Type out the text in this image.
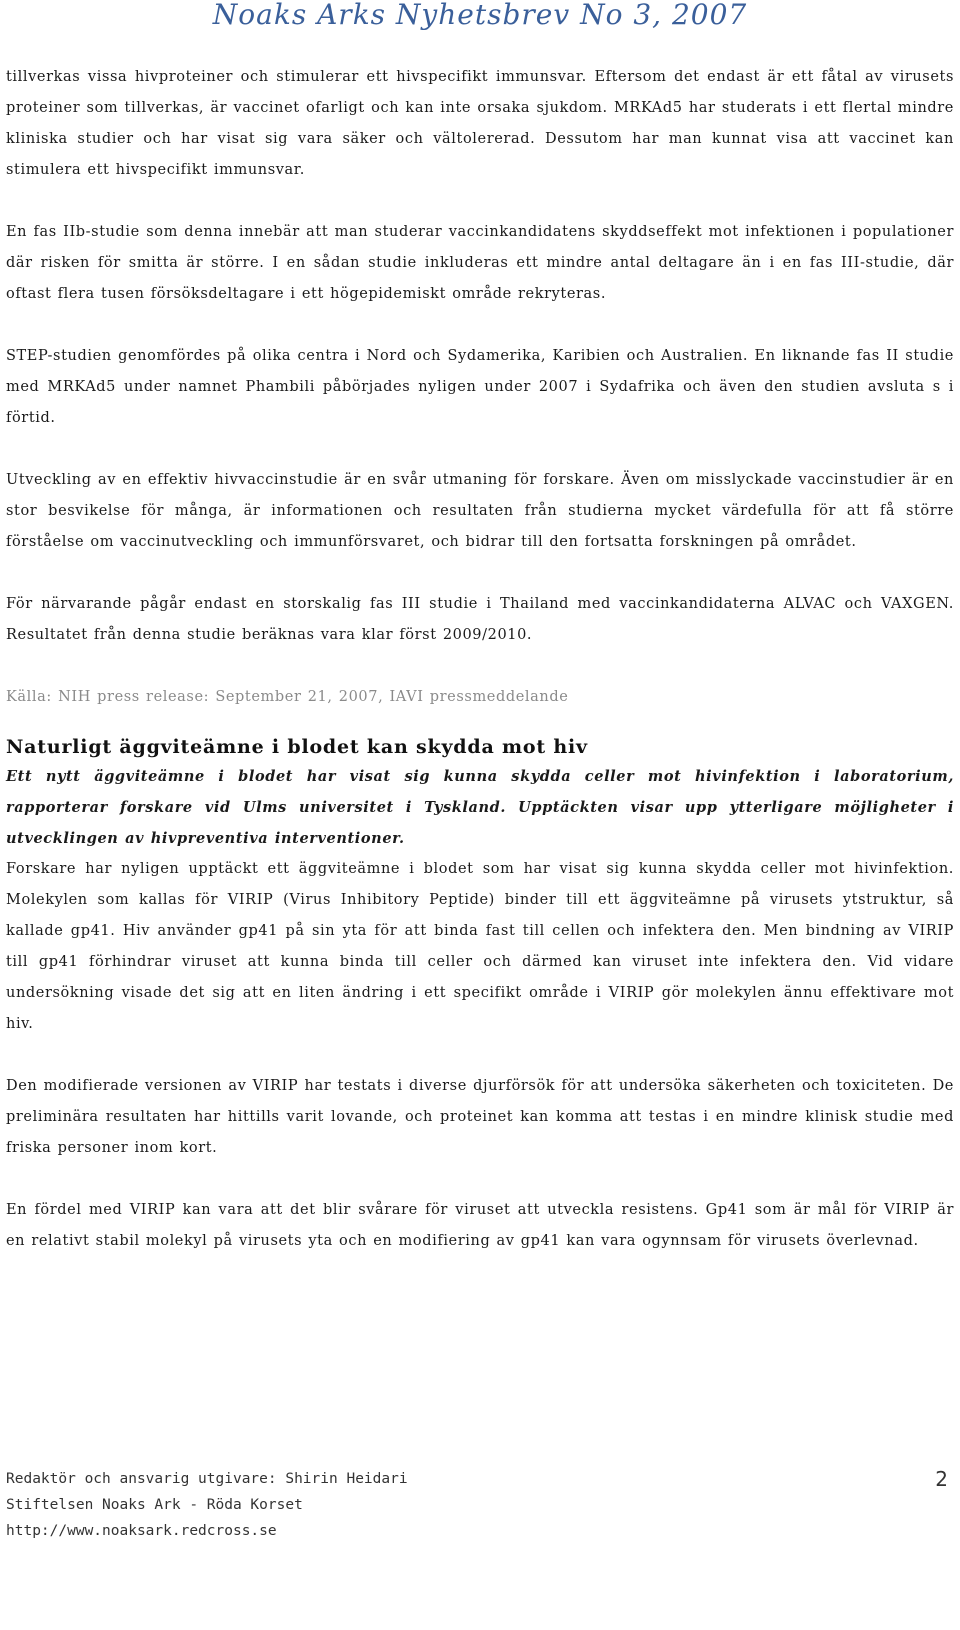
Noaks Arks Nyhetsbrev No 3, 2007

tillverkas vissa hivproteiner och stimulerar ett hivspecifikt immunsvar. Eftersom det endast är ett fåtal av virusets proteiner som tillverkas, är vaccinet ofarligt och kan inte orsaka sjukdom. MRKAd5 har studerats i ett flertal mindre kliniska studier och har visat sig vara säker och vältolererad. Dessutom har man kunnat visa att vaccinet kan stimulera ett hivspecifikt immunsvar.

En fas IIb-studie som denna innebär att man studerar vaccinkandidatens skyddseffekt mot infektionen i populationer där risken för smitta är större. I en sådan studie inkluderas ett mindre antal deltagare än i en fas III-studie, där oftast flera tusen försöksdeltagare i ett högepidemiskt område rekryteras.

STEP-studien genomfördes på olika centra i Nord och Sydamerika, Karibien och Australien. En liknande fas II studie med MRKAd5 under namnet Phambili påbörjades nyligen under 2007 i Sydafrika och även den studien avsluta s i förtid.

Utveckling av en effektiv hivvaccinstudie är en svår utmaning för forskare. Även om misslyckade vaccinstudier är en stor besvikelse för många, är informationen och resultaten från studierna mycket värdefulla för att få större förståelse om vaccinutveckling och immunförsvaret, och bidrar till den fortsatta forskningen på området.

För närvarande pågår endast en storskalig fas III studie i Thailand med vaccinkandidaterna ALVAC och VAXGEN. Resultatet från denna studie beräknas vara klar först 2009/2010.

Källa: NIH press release: September 21, 2007, IAVI pressmeddelande

Naturligt äggviteämne i blodet kan skydda mot hiv

Ett nytt äggviteämne i blodet har visat sig kunna skydda celler mot hivinfektion i laboratorium, rapporterar forskare vid Ulms universitet i Tyskland. Upptäckten visar upp ytterligare möjligheter i utvecklingen av hivpreventiva interventioner.

Forskare har nyligen upptäckt ett äggviteämne i blodet som har visat sig kunna skydda celler mot hivinfektion. Molekylen som kallas för VIRIP (Virus Inhibitory Peptide) binder till ett äggviteämne på virusets ytstruktur, så kallade gp41. Hiv använder gp41 på sin yta för att binda fast till cellen och infektera den. Men bindning av VIRIP till gp41 förhindrar viruset att kunna binda till celler och därmed kan viruset inte infektera den. Vid vidare undersökning visade det sig att en liten ändring i ett specifikt område i VIRIP gör molekylen ännu effektivare mot hiv.

Den modifierade versionen av VIRIP har testats i diverse djurförsök för att undersöka säkerheten och toxiciteten. De preliminära resultaten har hittills varit lovande, och proteinet kan komma att testas i en mindre klinisk studie med friska personer inom kort.

En fördel med VIRIP kan vara att det blir svårare för viruset att utveckla resistens. Gp41 som är mål för VIRIP är en relativt stabil molekyl på virusets yta och en modifiering av gp41 kan vara ogynnsam för virusets överlevnad.

Redaktör och ansvarig utgivare: Shirin Heidari
Stiftelsen Noaks Ark - Röda Korset
http://www.noaksark.redcross.se
2
